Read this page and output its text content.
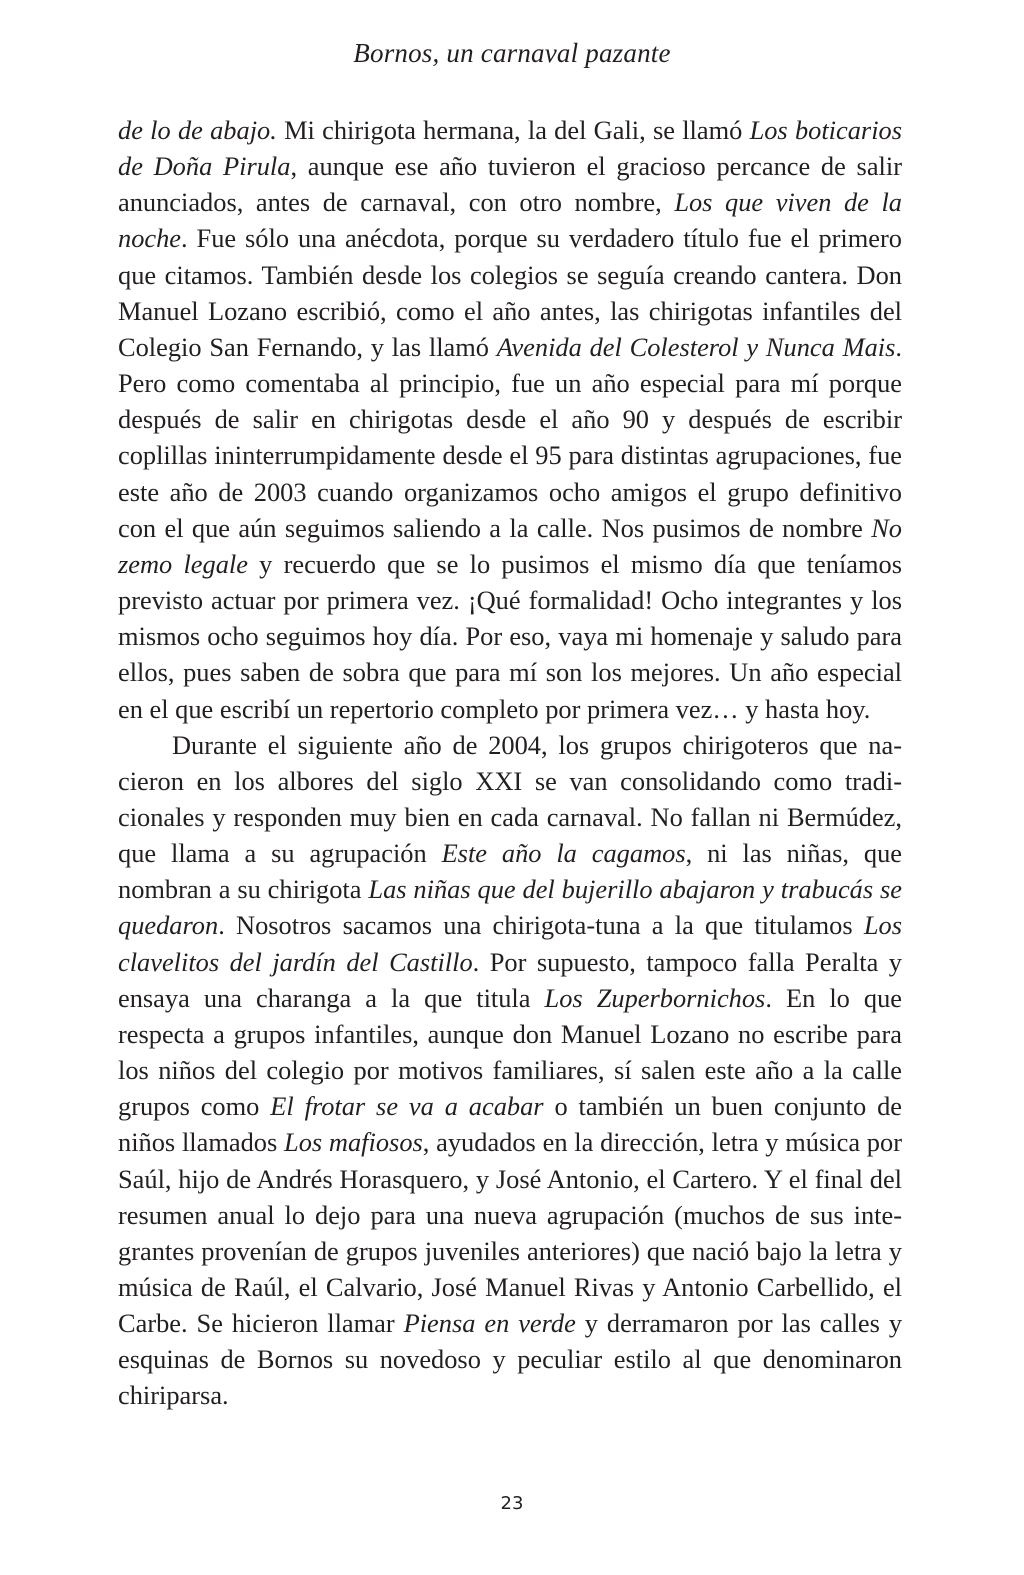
Bornos, un carnaval pazante

de lo de abajo. Mi chirigota hermana, la del Gali, se llamó Los boticarios de Doña Pirula, aunque ese año tuvieron el gracioso percance de salir anunciados, antes de carnaval, con otro nombre, Los que viven de la noche. Fue sólo una anécdota, porque su verdadero título fue el primero que citamos. También desde los colegios se seguía creando cantera. Don Manuel Lozano escribió, como el año antes, las chirigotas infantiles del Colegio San Fernando, y las llamó Avenida del Colesterol y Nunca Mais. Pero como comentaba al principio, fue un año especial para mí porque después de salir en chirigotas desde el año 90 y después de escribir coplillas ininterrumpidamente desde el 95 para distintas agrupaciones, fue este año de 2003 cuando organizamos ocho amigos el grupo definitivo con el que aún seguimos saliendo a la calle. Nos pusimos de nombre No zemo legale y recuerdo que se lo pusimos el mismo día que teníamos previsto actuar por primera vez. ¡Qué formalidad! Ocho integrantes y los mismos ocho seguimos hoy día. Por eso, vaya mi homenaje y saludo para ellos, pues saben de sobra que para mí son los mejores. Un año especial en el que escribí un repertorio completo por primera vez… y hasta hoy.

Durante el siguiente año de 2004, los grupos chirigoteros que nacieron en los albores del siglo XXI se van consolidando como tradicionales y responden muy bien en cada carnaval. No fallan ni Bermúdez, que llama a su agrupación Este año la cagamos, ni las niñas, que nombran a su chirigota Las niñas que del bujerillo abajaron y trabucás se quedaron. Nosotros sacamos una chirigota-tuna a la que titulamos Los clavelitos del jardín del Castillo. Por supuesto, tampoco falla Peralta y ensaya una charanga a la que titula Los Zuperbornichos. En lo que respecta a grupos infantiles, aunque don Manuel Lozano no escribe para los niños del colegio por motivos familiares, sí salen este año a la calle grupos como El frotar se va a acabar o también un buen conjunto de niños llamados Los mafiosos, ayudados en la dirección, letra y música por Saúl, hijo de Andrés Horasquero, y José Antonio, el Cartero. Y el final del resumen anual lo dejo para una nueva agrupación (muchos de sus integrantes provenían de grupos juveniles anteriores) que nació bajo la letra y música de Raúl, el Calvario, José Manuel Rivas y Antonio Carbellido, el Carbe. Se hicieron llamar Piensa en verde y derramaron por las calles y esquinas de Bornos su novedoso y peculiar estilo al que denominaron chiriparsa.

23
